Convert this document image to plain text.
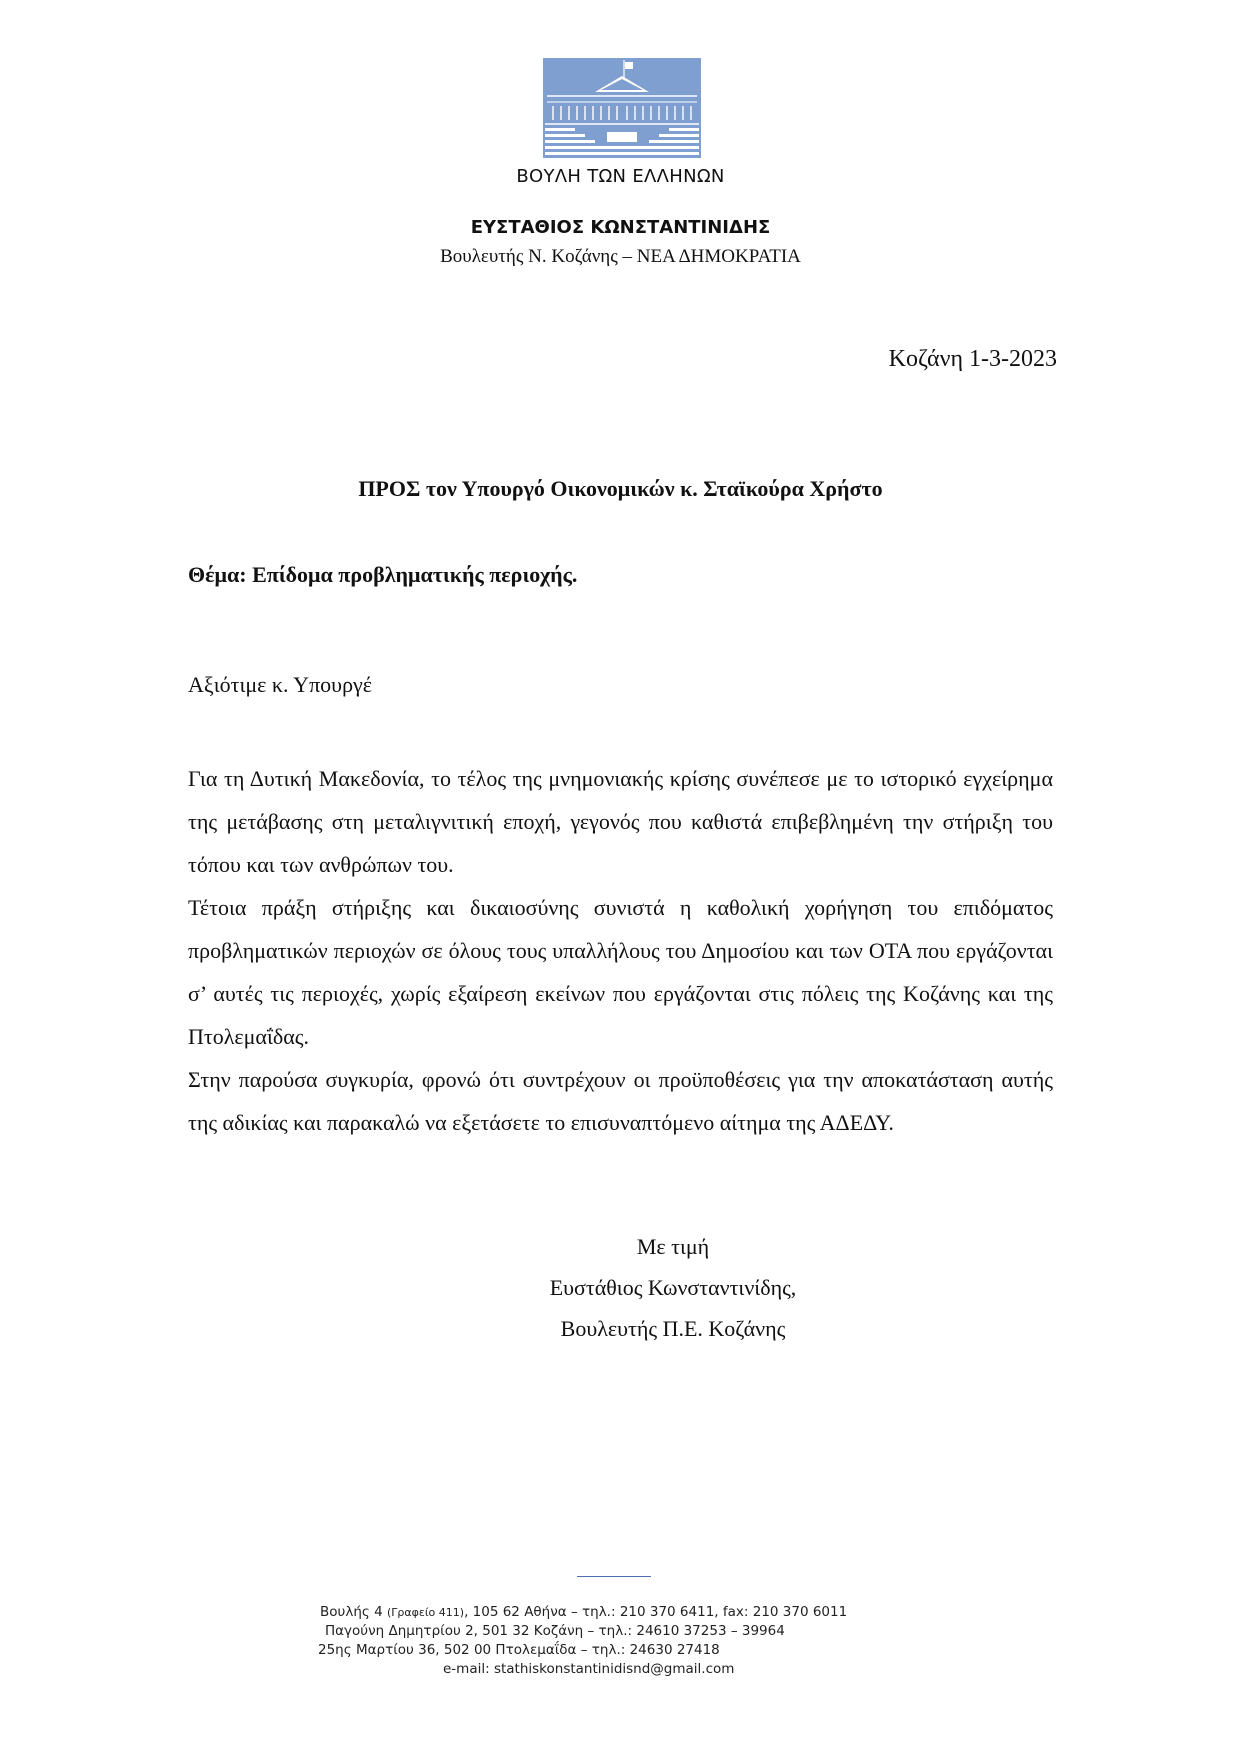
ΒΟΥΛΗ ΤΩΝ ΕΛΛΗΝΩΝ
ΕΥΣΤΑΘΙΟΣ ΚΩΝΣΤΑΝΤΙΝΙΔΗΣ
Βουλευτής Ν. Κοζάνης – ΝΕΑ ΔΗΜΟΚΡΑΤΙΑ
Κοζάνη 1-3-2023
ΠΡΟΣ τον Υπουργό Οικονομικών κ. Σταϊκούρα Χρήστο
Θέμα: Επίδομα προβληματικής περιοχής.
Αξιότιμε κ. Υπουργέ

Για τη Δυτική Μακεδονία, το τέλος της μνημονιακής κρίσης συνέπεσε με το ιστορικό εγχείρημα της μετάβασης στη μεταλιγνιτική εποχή, γεγονός που καθιστά επιβεβλημένη την στήριξη του τόπου και των ανθρώπων του.

Τέτοια πράξη στήριξης και δικαιοσύνης συνιστά η καθολική χορήγηση του επιδόματος προβληματικών περιοχών σε όλους τους υπαλλήλους του Δημοσίου και των ΟΤΑ που εργάζονται σ’ αυτές τις περιοχές, χωρίς εξαίρεση εκείνων που εργάζονται στις πόλεις της Κοζάνης και της Πτολεμαΐδας.

Στην παρούσα συγκυρία, φρονώ ότι συντρέχουν οι προϋποθέσεις για την αποκατάσταση αυτής της αδικίας και παρακαλώ να εξετάσετε το επισυναπτόμενο αίτημα της ΑΔΕΔΥ.

Με τιμή
Ευστάθιος Κωνσταντινίδης,
Βουλευτής Π.Ε. Κοζάνης
Βουλής 4 (Γραφείο 411), 105 62 Αθήνα – τηλ.: 210 370 6411, fax: 210 370 6011
Παγούνη Δημητρίου 2, 501 32 Κοζάνη – τηλ.: 24610 37253 – 39964
25ης Μαρτίου 36, 502 00 Πτολεμαΐδα – τηλ.: 24630 27418
e-mail: stathiskonstantinidisnd@gmail.com
